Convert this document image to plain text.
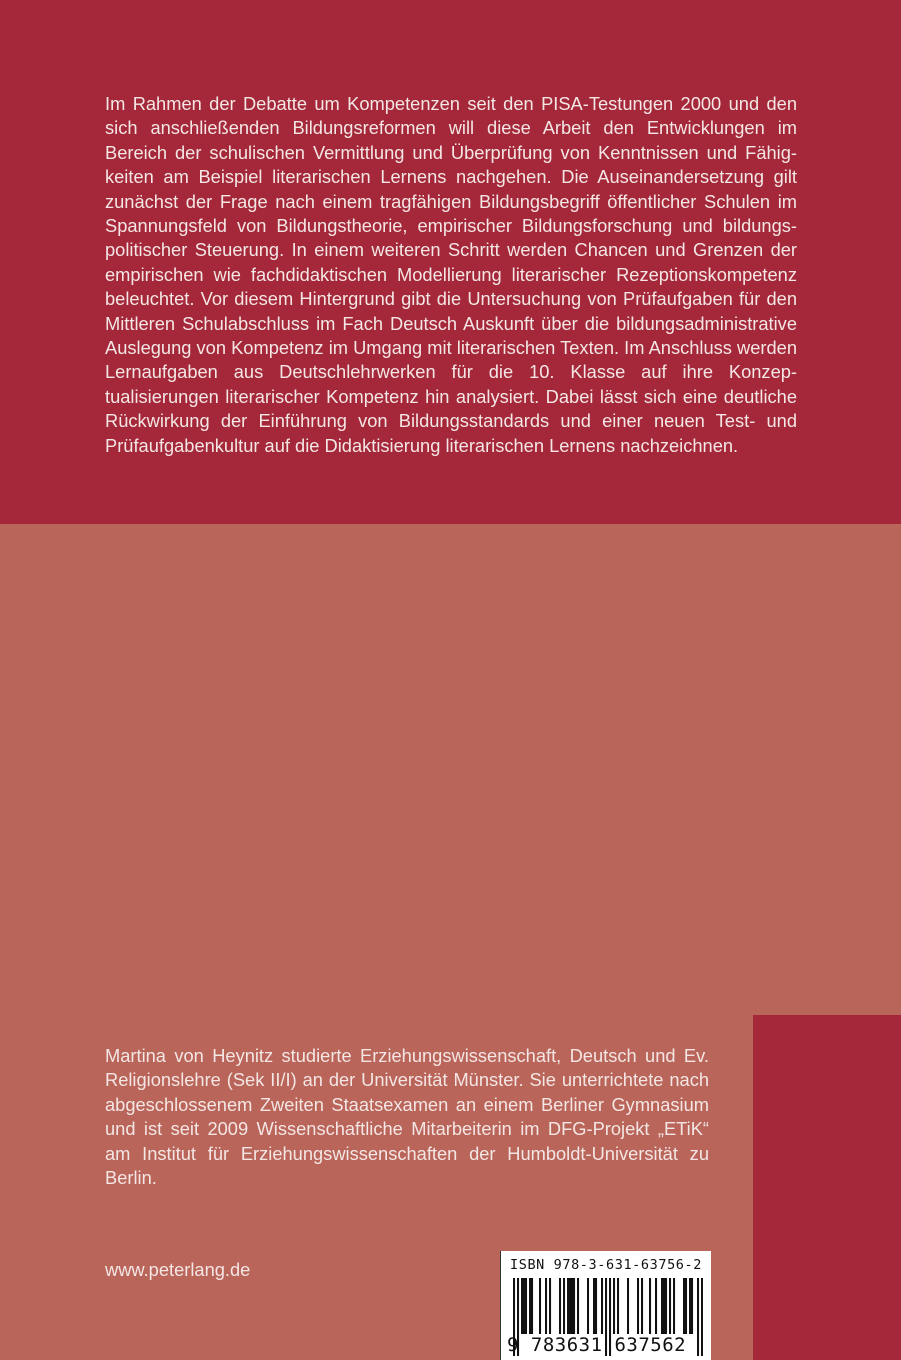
Im Rahmen der Debatte um Kompetenzen seit den PISA-Testungen 2000 und den sich anschließenden Bildungsreformen will diese Arbeit den Entwicklungen im Bereich der schulischen Vermittlung und Überprüfung von Kenntnissen und Fähigkeiten am Beispiel literarischen Lernens nachgehen. Die Auseinandersetzung gilt zunächst der Frage nach einem tragfähigen Bildungsbegriff öffentlicher Schulen im Spannungsfeld von Bildungstheorie, empirischer Bildungsforschung und bildungspolitischer Steuerung. In einem weiteren Schritt werden Chancen und Grenzen der empirischen wie fachdidaktischen Modellierung literarischer Rezeptionskompetenz beleuchtet. Vor diesem Hintergrund gibt die Untersuchung von Prüfaufgaben für den Mittleren Schulabschluss im Fach Deutsch Auskunft über die bildungsadministrative Auslegung von Kompetenz im Umgang mit literarischen Texten. Im Anschluss werden Lernaufgaben aus Deutschlehrwerken für die 10. Klasse auf ihre Konzeptualisierungen literarischer Kompetenz hin analysiert. Dabei lässt sich eine deutliche Rückwirkung der Einführung von Bildungsstandards und einer neuen Test- und Prüfaufgabenkultur auf die Didaktisierung literarischen Lernens nachzeichnen.

Martina von Heynitz studierte Erziehungswissenschaft, Deutsch und Ev. Religionslehre (Sek II/I) an der Universität Münster. Sie unterrichtete nach abgeschlossenem Zweiten Staatsexamen an einem Berliner Gymnasium und ist seit 2009 Wissenschaftliche Mitarbeiterin im DFG-Projekt „ETiK“ am Institut für Erziehungswissenschaften der Humboldt-Universität zu Berlin.

www.peterlang.de	ISBN 978-3-631-63756-2
9 783631 637562
